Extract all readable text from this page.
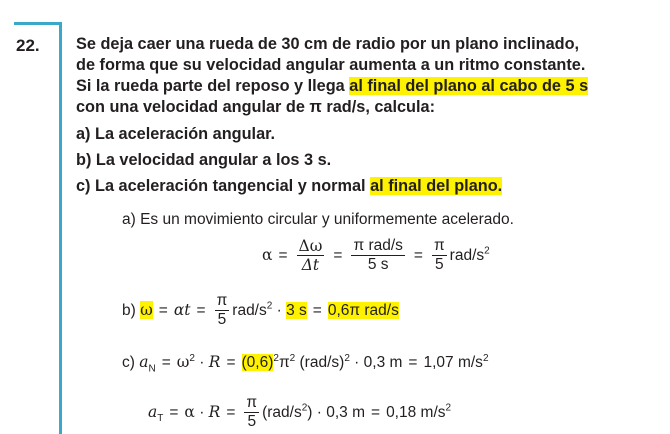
22. Se deja caer una rueda de 30 cm de radio por un plano inclinado,
de forma que su velocidad angular aumenta a un ritmo constante.
Si la rueda parte del reposo y llega al final del plano al cabo de 5 s
con una velocidad angular de π rad/s, calcula:
a) La aceleración angular.
b) La velocidad angular a los 3 s.
c) La aceleración tangencial y normal al final del plano.
a) Es un movimiento circular y uniformemente acelerado.
$\alpha = \frac{\Delta\omega}{\Delta t} = \frac{\text{π rad/s}}{5 s} = \frac{\pi}{5} rad/s^2$
b) $\omega = \alpha t = \frac{\pi}{5} rad/s^2 \cdot 3$ s = 0,6π rad/s
c) $a_N = \omega^2 \cdot R = (0,6)^2\pi^2$ $(rad/s)^2 \cdot 0,3$ m = 1,07 $m/s^2$
$a_T = \alpha \cdot R = \frac{\pi}{5} (rad/s^2) \cdot 0,3$ m = 0,18 $m/s^2$
